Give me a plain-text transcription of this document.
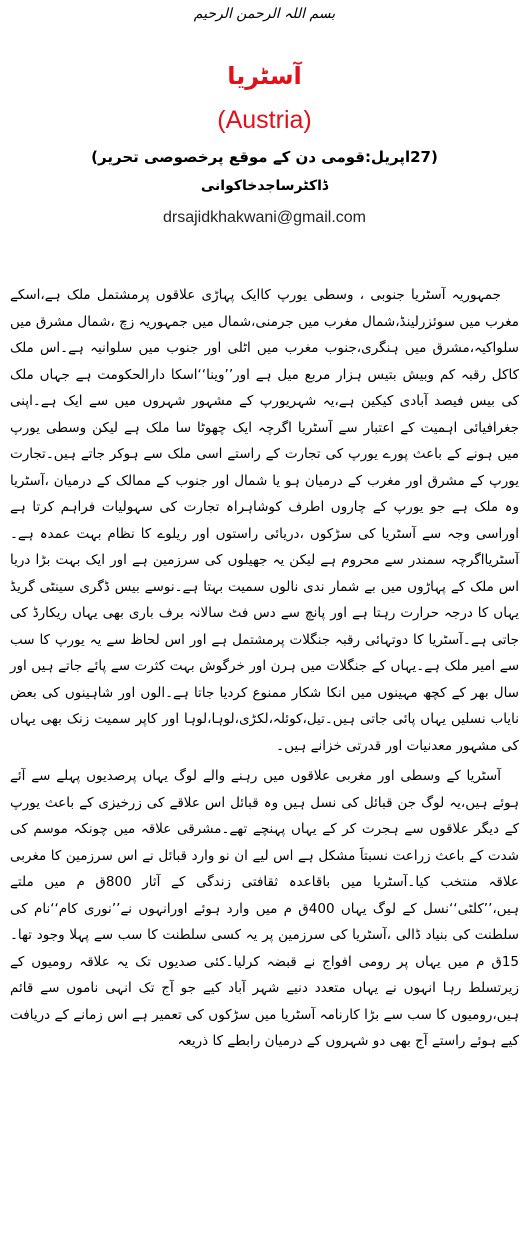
بسم اللہ الرحمن الرحیم
آسٹریا
(Austria)
(27اپریل:قومی دن کے موقع پرخصوصی تحریر)
ڈاکٹرساجدخاکوانی
drsajidkhakwani@gmail.com

جمہوریہ آسٹریا جنوبی ، وسطی یورپ کاایک پہاڑی علاقوں پرمشتمل ملک ہے،اسکے مغرب میں سوئزرلینڈ،شمال مغرب میں جرمنی،شمال میں جمہوریہ زچ ،شمال مشرق میں سلواکیہ،مشرق میں ہنگری،جنوب مغرب میں اٹلی اور جنوب میں سلوانیہ ہے۔اس ملک کاکل رقبہ کم وبیش بتیس ہزار مربع میل ہے اور’’وینا‘‘اسکا دارالحکومت ہے جہاں ملک کی بیس فیصد آبادی کیکین ہے،یہ شہریورپ کے مشہور شہروں میں سے ایک ہے۔اپنی جغرافیائی اہمیت کے اعتبار سے آسٹریا اگرچہ ایک چھوٹا سا ملک ہے لیکن وسطی یورپ میں ہونے کے باعث پورے یورپ کی تجارت کے راستے اسی ملک سے ہوکر جاتے ہیں۔تجارت یورپ کے مشرق اور مغرب کے درمیان ہو یا شمال اور جنوب کے ممالک کے درمیان ،آسٹریا وہ ملک ہے جو یورپ کے چاروں اطرف کوشاہراہ تجارت کی سہولیات فراہم کرتا ہے اوراسی وجہ سے آسٹریا کی سڑکوں ،دریائی راستوں اور ریلوے کا نظام بہت عمدہ ہے۔آسٹریااگرچہ سمندر سے محروم ہے لیکن یہ جھیلوں کی سرزمین ہے اور ایک بہت بڑا دریا اس ملک کے پہاڑوں میں بے شمار ندی نالوں سمیت بہتا ہے۔نوسے بیس ڈگری سینٹی گریڈ یہاں کا درجہ حرارت رہتا ہے اور پانچ سے دس فٹ سالانہ برف باری بھی یہاں ریکارڈ کی جاتی ہے۔آسٹریا کا دوتہائی رقبہ جنگلات پرمشتمل ہے اور اس لحاظ سے یہ یورپ کا سب سے امیر ملک ہے۔یہاں کے جنگلات میں ہرن اور خرگوش بہت کثرت سے پائے جاتے ہیں اور سال بھر کے کچھ مہینوں میں انکا شکار ممنوع کردیا جاتا ہے۔الوں اور شاہینوں کی بعض نایاب نسلیں یہاں پائی جاتی ہیں۔تیل،کوئلہ،لکڑی،لوہا،لوہا اور کاپر سمیت زنک بھی یہاں کی مشہور معدنیات اور قدرتی خزانے ہیں۔

آسٹریا کے وسطی اور مغربی علاقوں میں رہنے والے لوگ یہاں پرصدیوں پہلے سے آئے ہوئے ہیں،یہ لوگ جن قبائل کی نسل ہیں وہ قبائل اس علاقے کی زرخیزی کے باعث یورپ کے دیگر علاقوں سے ہجرت کر کے یہاں پہنچے تھے۔مشرقی علاقہ میں چونکہ موسم کی شدت کے باعث زراعت نسبتاََ مشکل ہے اس لیے ان نو وارد قبائل نے اس سرزمین کا مغربی علاقہ منتخب کیا۔آسٹریا میں باقاعدہ ثقافتی زندگی کے آثار 800ق م میں ملتے ہیں،’’کلٹی‘‘نسل کے لوگ یہاں 400ق م میں وارد ہوئے اورانہوں نے’’نوری کام‘‘نام کی سلطنت کی بنیاد ڈالی ،آسٹریا کی سرزمین پر یہ کسی سلطنت کا سب سے پہلا وجود تھا۔15ق م میں یہاں پر رومی افواج نے قبضہ کرلیا۔کئی صدیوں تک یہ علاقہ رومیوں کے زیرتسلط رہا انہوں نے یہاں متعدد دنیے شہر آباد کیے جو آج تک انہی ناموں سے قائم ہیں،رومیوں کا سب سے بڑا کارنامہ آسٹریا میں سڑکوں کی تعمیر ہے اس زمانے کے دریافت کیے ہوئے راستے آج بھی دو شہروں کے درمیان رابطے کا ذریعہ
